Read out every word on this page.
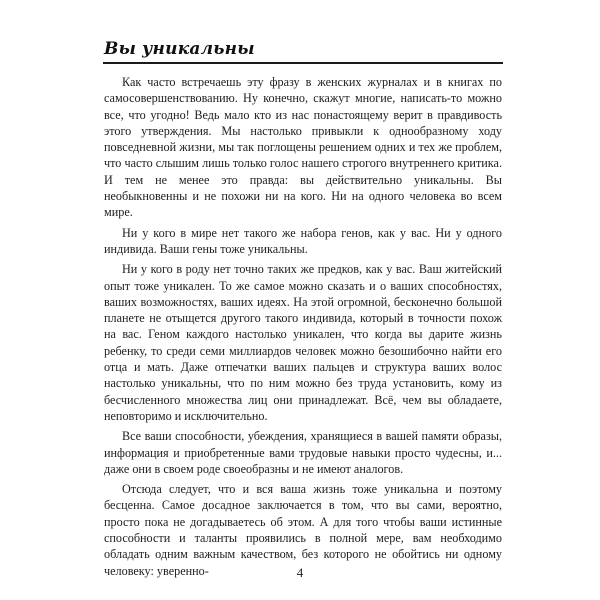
Вы уникальны

Как часто встречаешь эту фразу в женских журналах и в книгах по самосовершенствованию. Ну конечно, скажут многие, написать-то можно все, что угодно! Ведь мало кто из нас понастоящему верит в правдивость этого утверждения. Мы настолько привыкли к однообразному ходу повседневной жизни, мы так поглощены решением одних и тех же проблем, что часто слышим лишь только голос нашего строгого внутреннего критика. И тем не менее это правда: вы действительно уникальны. Вы необыкновенны и не похожи ни на кого. Ни на одного человека во всем мире.

Ни у кого в мире нет такого же набора генов, как у вас. Ни у одного индивида. Ваши гены тоже уникальны.

Ни у кого в роду нет точно таких же предков, как у вас. Ваш житейский опыт тоже уникален. То же самое можно сказать и о ваших способностях, ваших возможностях, ваших идеях. На этой огромной, бесконечно большой планете не отыщется другого такого индивида, который в точности похож на вас. Геном каждого настолько уникален, что когда вы дарите жизнь ребенку, то среди семи миллиардов человек можно безошибочно найти его отца и мать. Даже отпечатки ваших пальцев и структура ваших волос настолько уникальны, что по ним можно без труда установить, кому из бесчисленного множества лиц они принадлежат. Всё, чем вы обладаете, неповторимо и исключительно.

Все ваши способности, убеждения, хранящиеся в вашей памяти образы, информация и приобретенные вами трудовые навыки просто чудесны, и... даже они в своем роде своеобразны и не имеют аналогов.

Отсюда следует, что и вся ваша жизнь тоже уникальна и поэтому бесценна. Самое досадное заключается в том, что вы сами, вероятно, просто пока не догадываетесь об этом. А для того чтобы ваши истинные способности и таланты проявились в полной мере, вам необходимо обладать одним важным качеством, без которого не обойтись ни одному человеку: уверенно-	4
